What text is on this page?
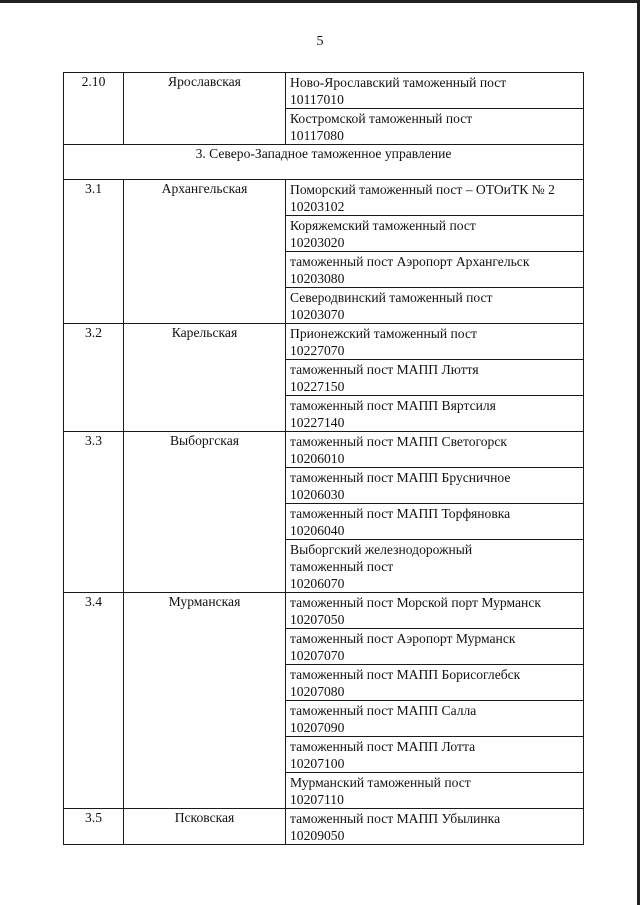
5
2.10	Ярославская	Ново-Ярославский таможенный пост
10117010

		Костромской таможенный пост
10117080

3. Северо-Западное таможенное управление		
3.1	Архангельская	Поморский таможенный пост – ОТОиТК № 2
10203102

		Коряжемский таможенный пост
10203020

		таможенный пост Аэропорт Архангельск
10203080

		Северодвинский таможенный пост
10203070

3.2	Карельская	Прионежский таможенный пост
10227070

		таможенный пост МАПП Люття
10227150

		таможенный пост МАПП Вяртсиля
10227140

3.3	Выборгская	таможенный пост МАПП Светогорск
10206010

		таможенный пост МАПП Брусничное
10206030

		таможенный пост МАПП Торфяновка
10206040

		Выборгский железнодорожный
таможенный пост
10206070

3.4	Мурманская	таможенный пост Морской порт Мурманск
10207050

		таможенный пост Аэропорт Мурманск
10207070

		таможенный пост МАПП Борисоглебск
10207080

		таможенный пост МАПП Салла
10207090

		таможенный пост МАПП Лотта
10207100

		Мурманский таможенный пост
10207110

3.5	Псковская	таможенный пост МАПП Убылинка
10209050
